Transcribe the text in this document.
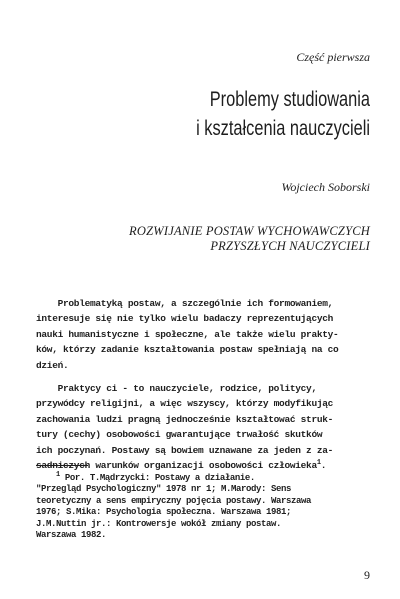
Część pierwsza
Problemy studiowania
i kształcenia nauczycieli
Wojciech Soborski
ROZWIJANIE POSTAW WYCHOWAWCZYCH
PRZYSZŁYCH NAUCZYCIELI
Problematyką postaw, a szczególnie ich formowaniem,
interesuje się nie tylko wielu badaczy reprezentujących
nauki humanistyczne i społeczne, ale także wielu prakty-
ków, którzy zadanie kształtowania postaw spełniają na co
dzień.
Praktycy ci - to nauczyciele, rodzice, politycy,
przywódcy religijni, a więc wszyscy, którzy modyfikując
zachowania ludzi pragną jednocześnie kształtować struk-
tury (cechy) osobowości gwarantujące trwałość skutków
ich poczynań. Postawy są bowiem uznawane za jeden z za-
sadniczych warunków organizacji osobowości człowieka$^1$.
$^1$ Por. T.Mądrzycki: Postawy a działanie.
"Przegląd Psychologiczny" 1978 nr 1; M.Marody: Sens
teoretyczny a sens empiryczny pojęcia postawy. Warszawa
1976; S.Mika: Psychologia społeczna. Warszawa 1981;
J.M.Nuttin jr.: Kontrowersje wokół zmiany postaw.
Warszawa 1982.
9
